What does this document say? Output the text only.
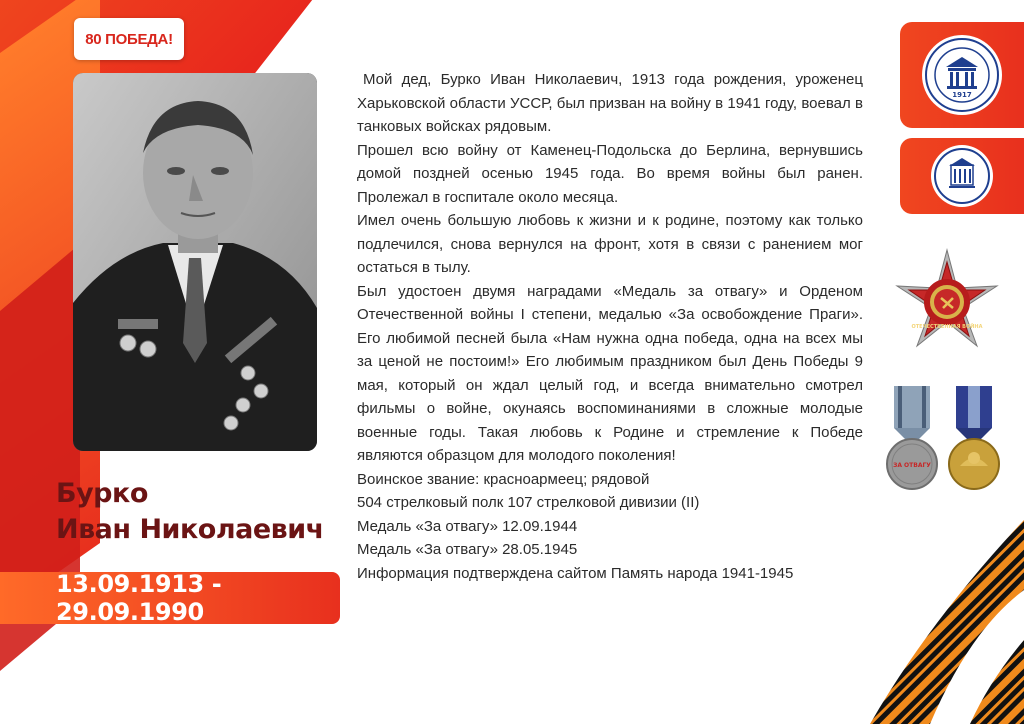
80 ПОБЕДА!
Бурко
Иван Николаевич
13.09.1913 - 29.09.1990

Мой дед, Бурко Иван Николаевич, 1913 года рождения, уроженец Харьковской области УССР, был призван на войну в 1941 году, воевал в танковых войсках рядовым.

Прошел всю войну от Каменец-Подольска до Берлина, вернувшись домой поздней осенью 1945 года. Во время войны был ранен. Пролежал в госпитале около месяца.

Имел очень большую любовь к жизни и к родине, поэтому как только подлечился, снова вернулся на фронт, хотя в связи с ранением мог остаться в тылу.

Был удостоен двумя наградами «Медаль за отвагу» и Орденом Отечественной войны I степени, медалью «За освобождение Праги». Его любимой песней была «Нам нужна одна победа, одна на всех мы за ценой не постоим!» Его любимым праздником был День Победы 9 мая, который он ждал целый год, и всегда внимательно смотрел фильмы о войне, окунаясь воспоминаниями в сложные молодые военные годы. Такая любовь к Родине и стремление к Победе являются образцом для молодого поколения!

Воинское звание: красноармеец; рядовой

504 стрелковый полк 107 стрелковой дивизии (II)

Медаль «За отвагу» 12.09.1944

Медаль «За отвагу» 28.05.1945

Информация подтверждена сайтом Память народа 1941-1945

1917
ОТЕЧЕСТВЕННАЯ ВОЙНА
ЗА ОТВАГУ
